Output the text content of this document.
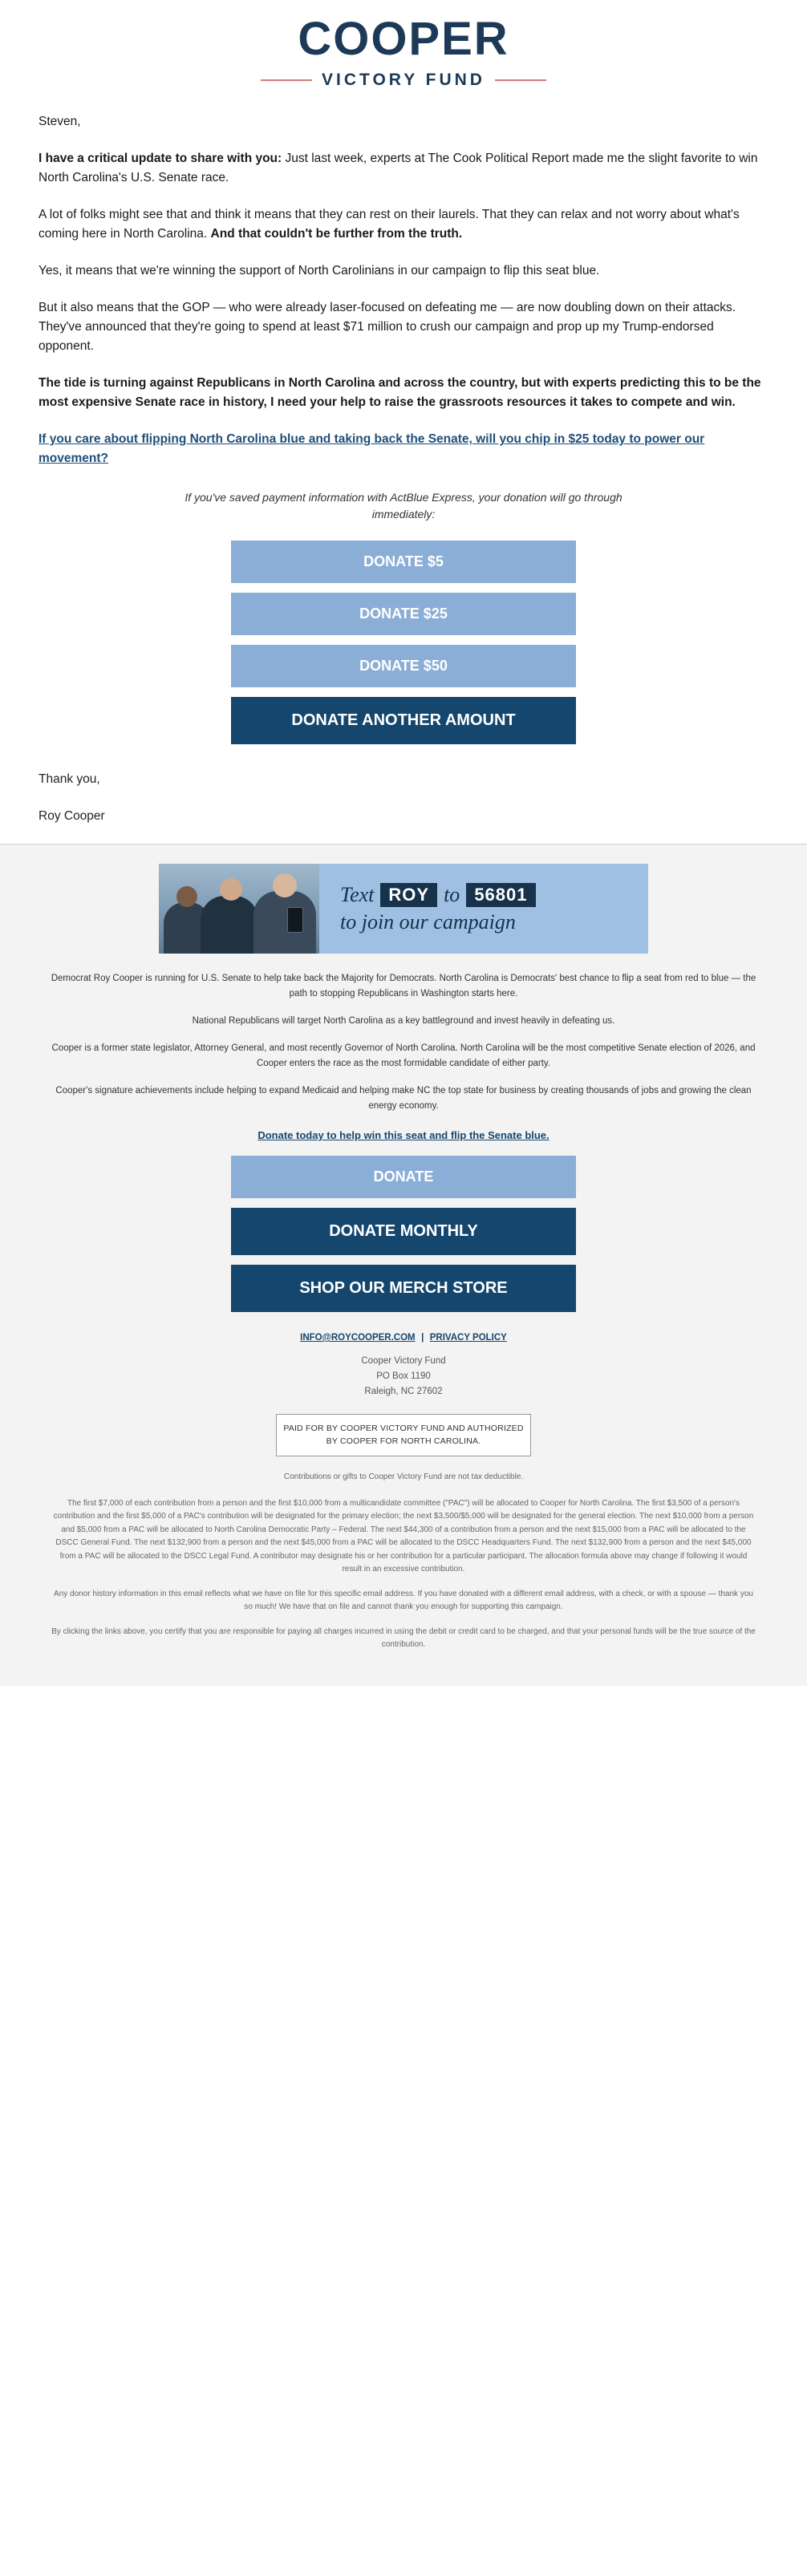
COOPER
VICTORY FUND

Steven,

I have a critical update to share with you: Just last week, experts at The Cook Political Report made me the slight favorite to win North Carolina's U.S. Senate race.

A lot of folks might see that and think it means that they can rest on their laurels. That they can relax and not worry about what's coming here in North Carolina. And that couldn't be further from the truth.

Yes, it means that we're winning the support of North Carolinians in our campaign to flip this seat blue.

But it also means that the GOP — who were already laser-focused on defeating me — are now doubling down on their attacks. They've announced that they're going to spend at least $71 million to crush our campaign and prop up my Trump-endorsed opponent.

The tide is turning against Republicans in North Carolina and across the country, but with experts predicting this to be the most expensive Senate race in history, I need your help to raise the grassroots resources it takes to compete and win.

If you care about flipping North Carolina blue and taking back the Senate, will you chip in $25 today to power our movement?
If you've saved payment information with ActBlue Express, your donation will go through immediately:
DONATE $5
DONATE $25
DONATE $50
DONATE ANOTHER AMOUNT

Thank you,

Roy Cooper

Text ROY to 56801
to join our campaign
Democrat Roy Cooper is running for U.S. Senate to help take back the Majority for Democrats. North Carolina is Democrats' best chance to flip a seat from red to blue — the path to stopping Republicans in Washington starts here.
National Republicans will target North Carolina as a key battleground and invest heavily in defeating us.
Cooper is a former state legislator, Attorney General, and most recently Governor of North Carolina. North Carolina will be the most competitive Senate election of 2026, and Cooper enters the race as the most formidable candidate of either party.
Cooper's signature achievements include helping to expand Medicaid and helping make NC the top state for business by creating thousands of jobs and growing the clean energy economy.
Donate today to help win this seat and flip the Senate blue.
DONATE
DONATE MONTHLY
SHOP OUR MERCH STORE
INFO@ROYCOOPER.COM | PRIVACY POLICY
Cooper Victory Fund
PO Box 1190
Raleigh, NC 27602
PAID FOR BY COOPER VICTORY FUND AND AUTHORIZED BY COOPER FOR NORTH CAROLINA.
Contributions or gifts to Cooper Victory Fund are not tax deductible.
The first $7,000 of each contribution from a person and the first $10,000 from a multicandidate committee ("PAC") will be allocated to Cooper for North Carolina. The first $3,500 of a person's contribution and the first $5,000 of a PAC's contribution will be designated for the primary election; the next $3,500/$5,000 will be designated for the general election. The next $10,000 from a person and $5,000 from a PAC will be allocated to North Carolina Democratic Party – Federal. The next $44,300 of a contribution from a person and the next $15,000 from a PAC will be allocated to the DSCC General Fund. The next $132,900 from a person and the next $45,000 from a PAC will be allocated to the DSCC Headquarters Fund. The next $132,900 from a person and the next $45,000 from a PAC will be allocated to the DSCC Legal Fund. A contributor may designate his or her contribution for a particular participant. The allocation formula above may change if following it would result in an excessive contribution.
Any donor history information in this email reflects what we have on file for this specific email address. If you have donated with a different email address, with a check, or with a spouse — thank you so much! We have that on file and cannot thank you enough for supporting this campaign.
By clicking the links above, you certify that you are responsible for paying all charges incurred in using the debit or credit card to be charged, and that your personal funds will be the true source of the contribution.
